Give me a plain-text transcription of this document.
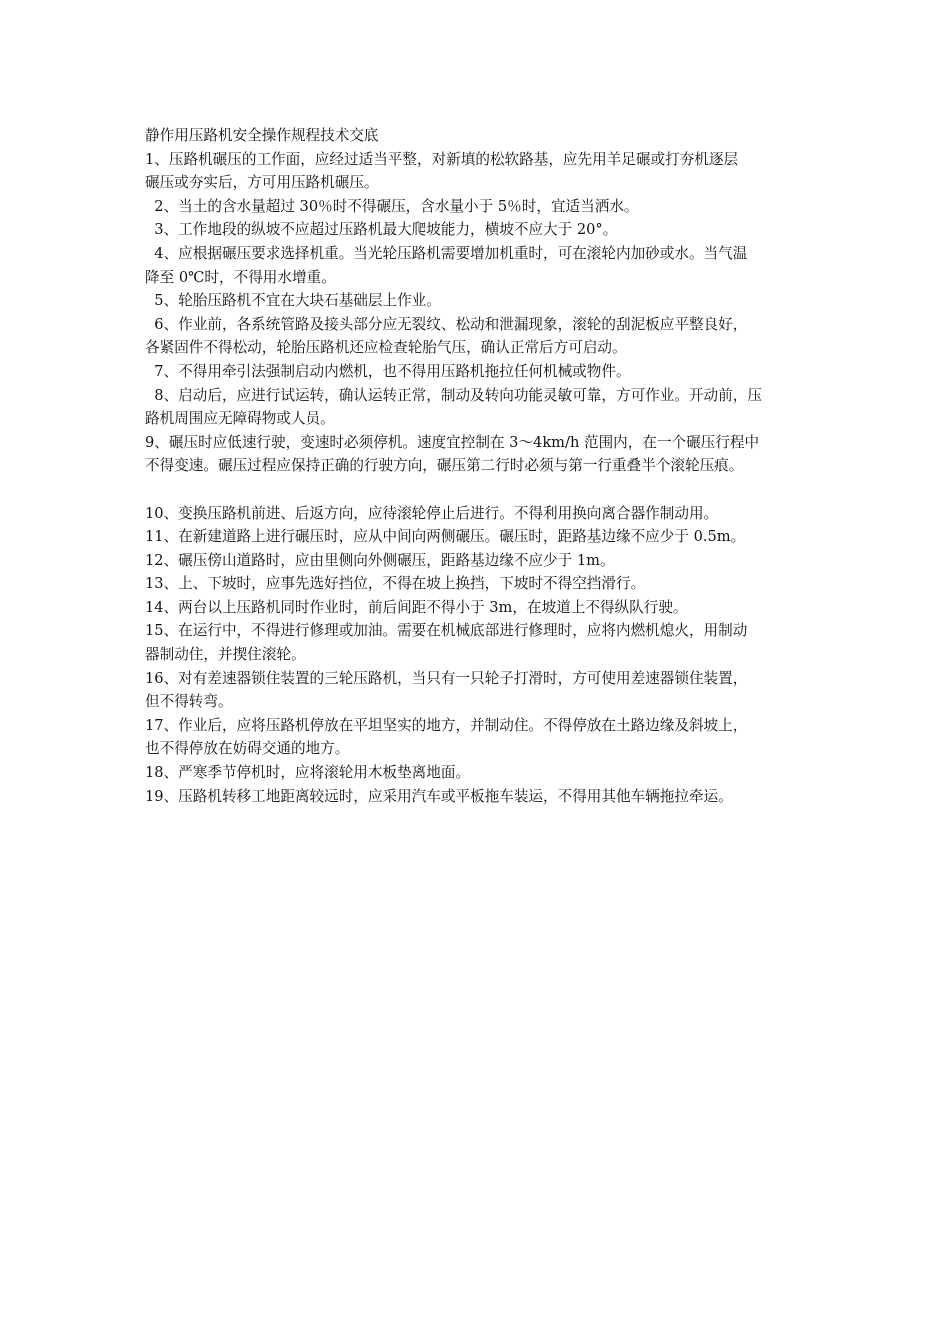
静作用压路机安全操作规程技术交底
1、压路机碾压的工作面，应经过适当平整，对新填的松软路基，应先用羊足碾或打夯机逐层
碾压或夯实后，方可用压路机碾压。
2、当土的含水量超过 30％时不得碾压，含水量小于 5％时，宜适当洒水。
3、工作地段的纵坡不应超过压路机最大爬坡能力，横坡不应大于 20°。
4、应根据碾压要求选择机重。当光轮压路机需要增加机重时，可在滚轮内加砂或水。当气温
降至 0℃时，不得用水增重。
5、轮胎压路机不宜在大块石基础层上作业。
6、作业前，各系统管路及接头部分应无裂纹、松动和泄漏现象，滚轮的刮泥板应平整良好，
各紧固件不得松动，轮胎压路机还应检查轮胎气压，确认正常后方可启动。
7、不得用牵引法强制启动内燃机，也不得用压路机拖拉任何机械或物件。
8、启动后，应进行试运转，确认运转正常，制动及转向功能灵敏可靠，方可作业。开动前，压
路机周围应无障碍物或人员。
9、碾压时应低速行驶，变速时必须停机。速度宜控制在 3～4km/h 范围内，在一个碾压行程中
不得变速。碾压过程应保持正确的行驶方向，碾压第二行时必须与第一行重叠半个滚轮压痕。
10、变换压路机前进、后返方向，应待滚轮停止后进行。不得利用换向离合器作制动用。
11、在新建道路上进行碾压时，应从中间向两侧碾压。碾压时，距路基边缘不应少于 0.5m。
12、碾压傍山道路时，应由里侧向外侧碾压，距路基边缘不应少于 1m。
13、上、下坡时，应事先选好挡位，不得在坡上换挡，下坡时不得空挡滑行。
14、两台以上压路机同时作业时，前后间距不得小于 3m，在坡道上不得纵队行驶。
15、在运行中，不得进行修理或加油。需要在机械底部进行修理时，应将内燃机熄火，用制动
器制动住，并揳住滚轮。
16、对有差速器锁住装置的三轮压路机，当只有一只轮子打滑时，方可使用差速器锁住装置，
但不得转弯。
17、作业后，应将压路机停放在平坦坚实的地方，并制动住。不得停放在土路边缘及斜坡上，
也不得停放在妨碍交通的地方。
18、严寒季节停机时，应将滚轮用木板垫离地面。
19、压路机转移工地距离较远时，应采用汽车或平板拖车装运，不得用其他车辆拖拉牵运。
